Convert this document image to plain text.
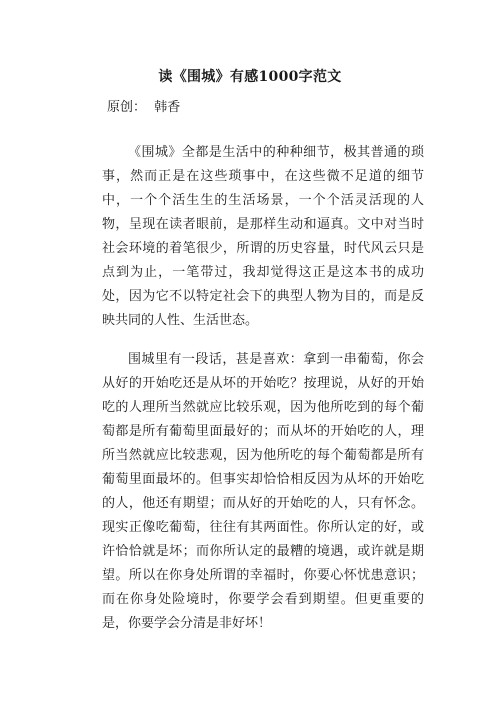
读《围城》有感1000字范文
原创：  韩香

《围城》全都是生活中的种种细节，极其普通的琐事，然而正是在这些琐事中，在这些微不足道的细节中，一个个活生生的生活场景，一个个活灵活现的人物，呈现在读者眼前，是那样生动和逼真。文中对当时社会环境的着笔很少，所谓的历史容量，时代风云只是点到为止，一笔带过，我却觉得这正是这本书的成功处，因为它不以特定社会下的典型人物为目的，而是反映共同的人性、生活世态。

围城里有一段话，甚是喜欢：拿到一串葡萄，你会从好的开始吃还是从坏的开始吃？按理说，从好的开始吃的人理所当然就应比较乐观，因为他所吃到的每个葡萄都是所有葡萄里面最好的；而从坏的开始吃的人，理所当然就应比较悲观，因为他所吃的每个葡萄都是所有葡萄里面最坏的。但事实却恰恰相反因为从坏的开始吃的人，他还有期望；而从好的开始吃的人，只有怀念。现实正像吃葡萄，往往有其两面性。你所认定的好，或许恰恰就是坏；而你所认定的最糟的境遇，或许就是期望。所以在你身处所谓的幸福时，你要心怀忧患意识；而在你身处险境时，你要学会看到期望。但更重要的是，你要学会分清是非好坏！
